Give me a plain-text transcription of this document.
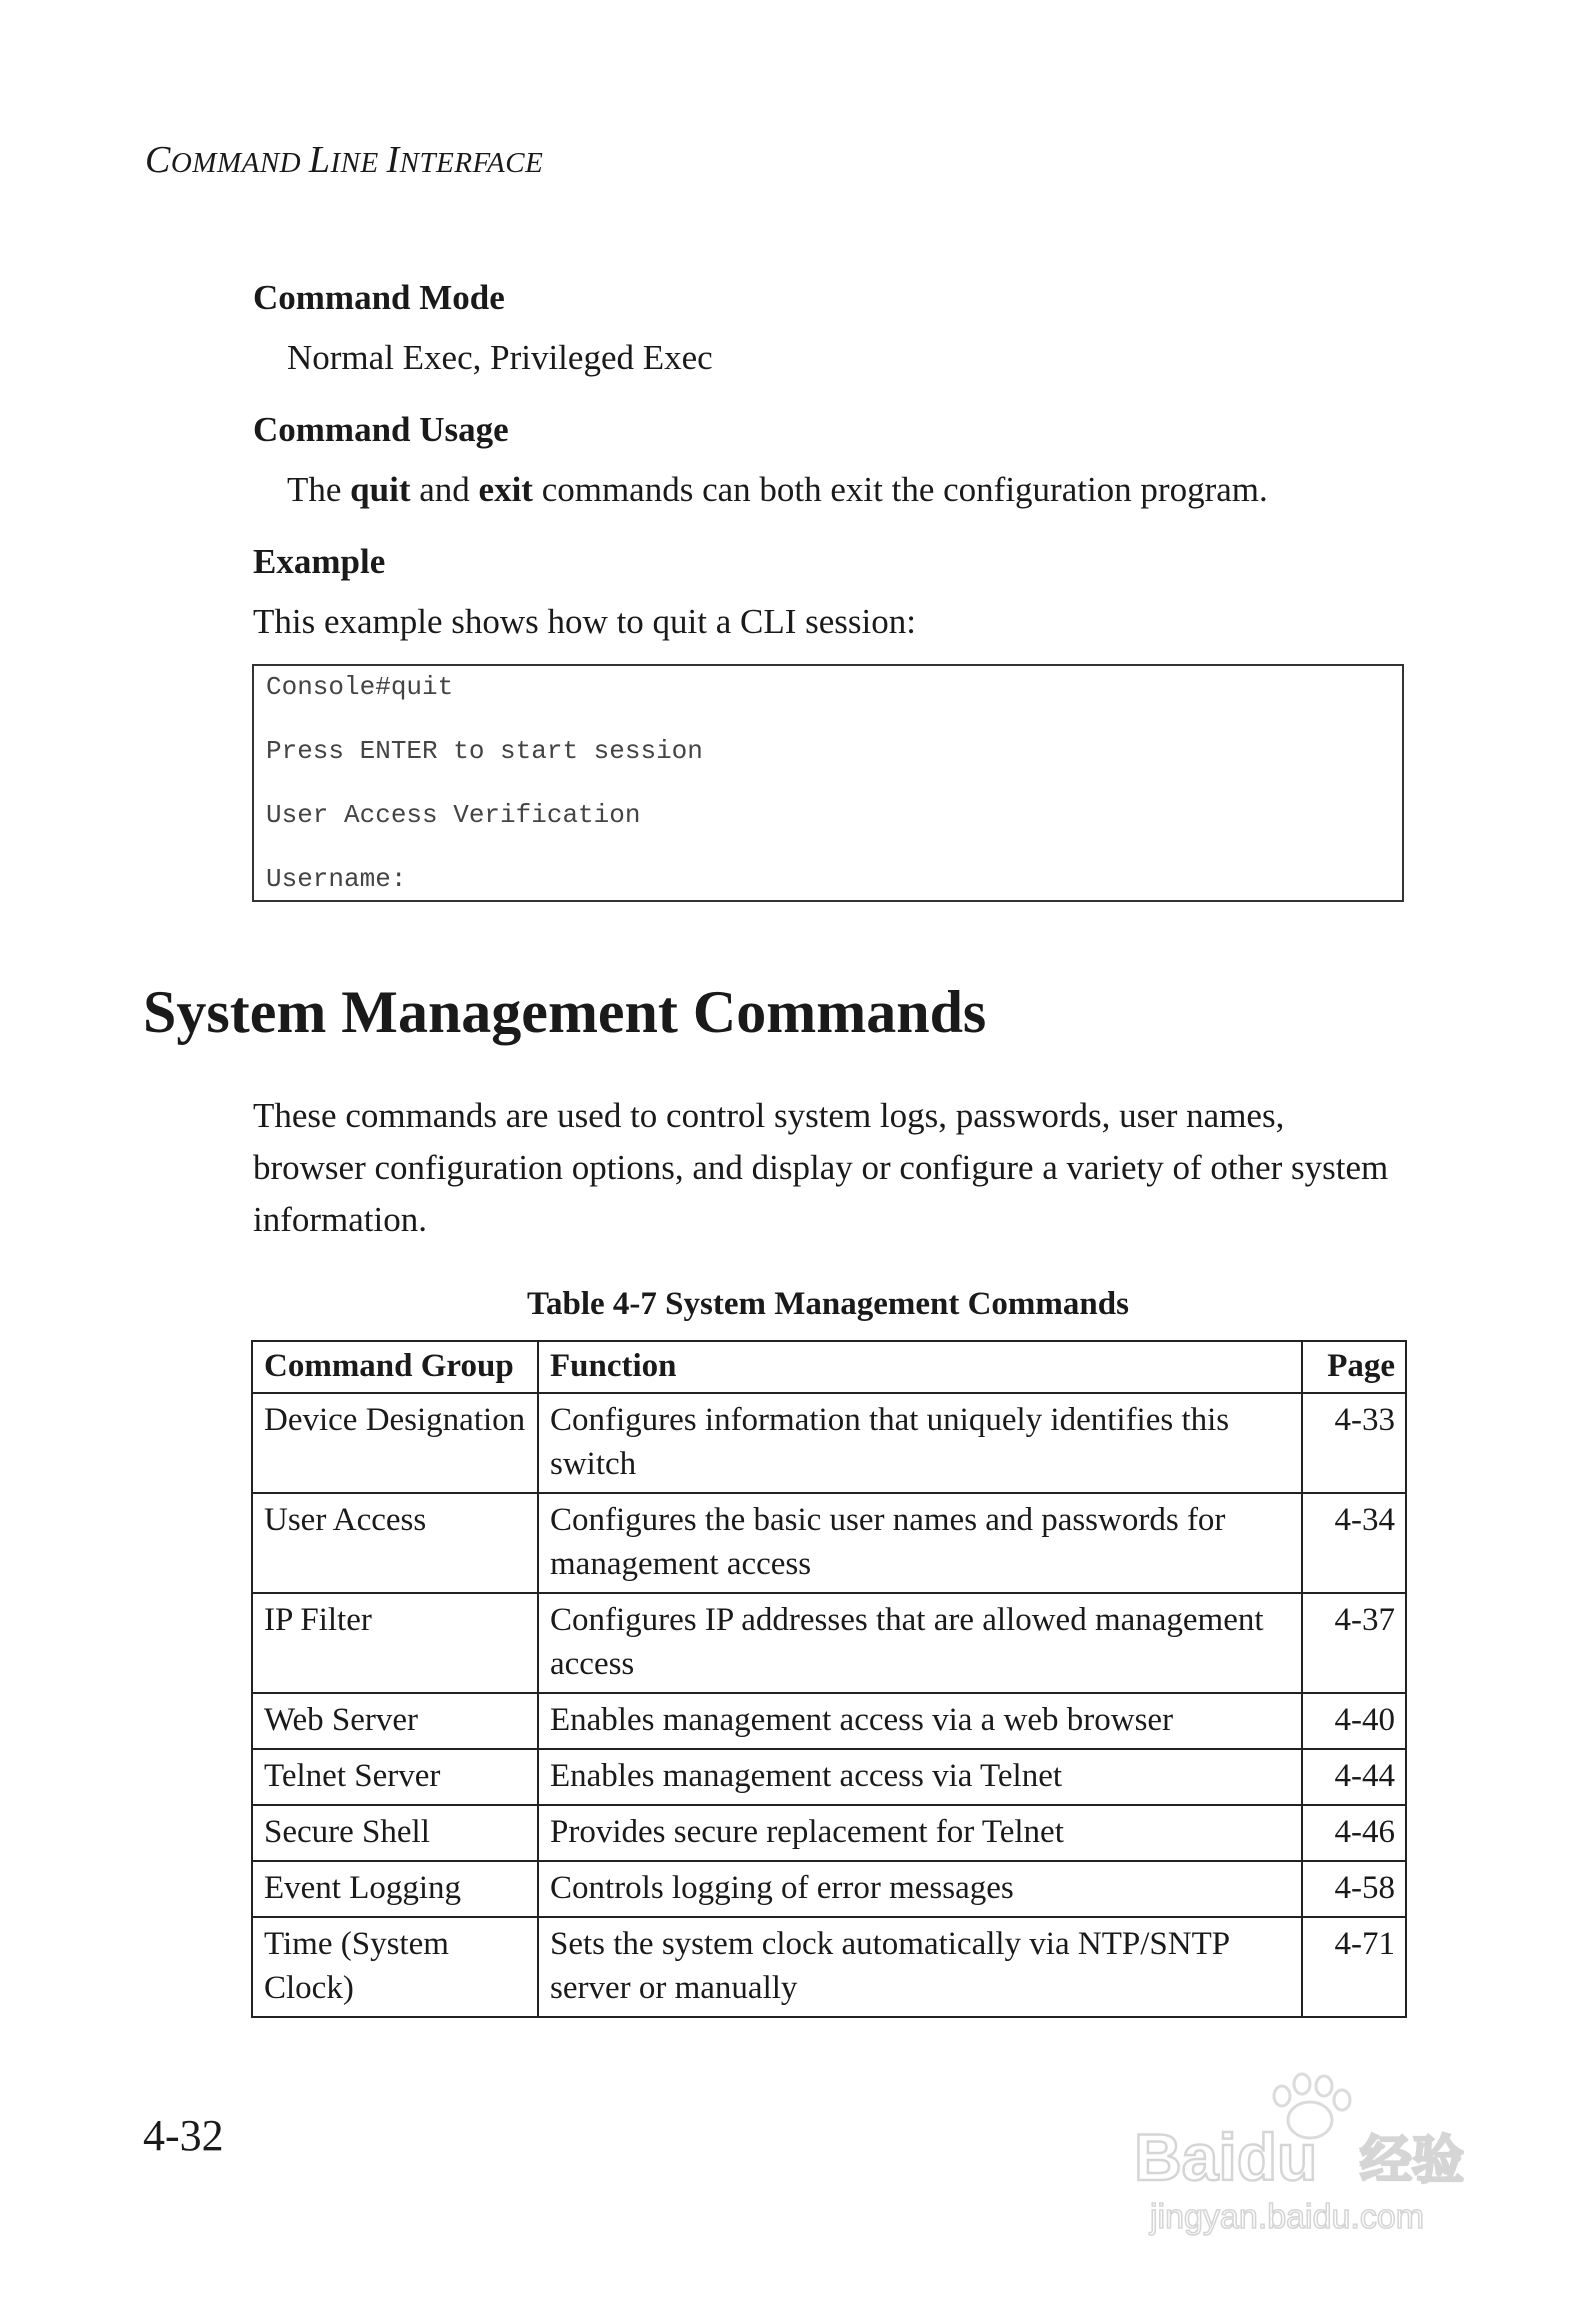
COMMAND LINE INTERFACE
Command Mode
Normal Exec, Privileged Exec
Command Usage
The quit and exit commands can both exit the configuration program.
Example
This example shows how to quit a CLI session:
Console#quit
Press ENTER to start session
User Access Verification
Username:
System Management Commands
These commands are used to control system logs, passwords, user names, browser configuration options, and display or configure a variety of other system information.
Table 4-7 System Management Commands
Command Group	Function	Page
Device Designation	Configures information that uniquely identifies this switch	4-33
User Access	Configures the basic user names and passwords for management access	4-34
IP Filter	Configures IP addresses that are allowed management access	4-37
Web Server	Enables management access via a web browser	4-40
Telnet Server	Enables management access via Telnet	4-44
Secure Shell	Provides secure replacement for Telnet	4-46
Event Logging	Controls logging of error messages	4-58
Time (System Clock)	Sets the system clock automatically via NTP/SNTP server or manually	4-71
4-32	Baidu 经验
jingyan.baidu.com
